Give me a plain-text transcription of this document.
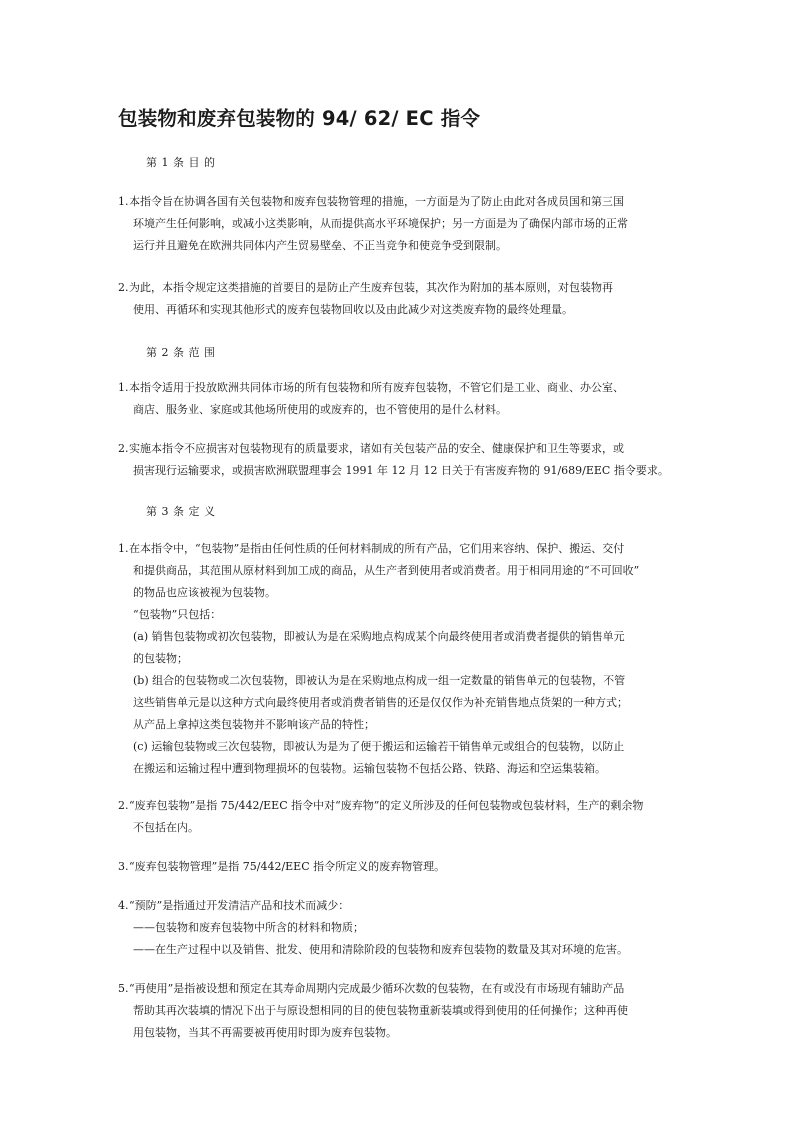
包装物和废弃包装物的 94/ 62/ EC 指令
第 1 条 目 的
1. 本指令旨在协调各国有关包装物和废弃包装物管理的措施，一方面是为了防止由此对各成员国和第三国
环境产生任何影响，或减小这类影响，从而提供高水平环境保护；另一方面是为了确保内部市场的正常
运行并且避免在欧洲共同体内产生贸易壁垒、不正当竞争和使竞争受到限制。
2. 为此，本指令规定这类措施的首要目的是防止产生废弃包装，其次作为附加的基本原则，对包装物再
使用、再循环和实现其他形式的废弃包装物回收以及由此减少对这类废弃物的最终处理量。
第 2 条 范 围
1. 本指令适用于投放欧洲共同体市场的所有包装物和所有废弃包装物，不管它们是工业、商业、办公室、
商店、服务业、家庭或其他场所使用的或废弃的，也不管使用的是什么材料。
2. 实施本指令不应损害对包装物现有的质量要求，诸如有关包装产品的安全、健康保护和卫生等要求，或
损害现行运输要求，或损害欧洲联盟理事会 1991 年 12 月 12 日关于有害废弃物的 91/689/EEC 指令要求。
第 3 条 定 义
1. 在本指令中，“包装物”是指由任何性质的任何材料制成的所有产品，它们用来容纳、保护、搬运、交付
和提供商品，其范围从原材料到加工成的商品，从生产者到使用者或消费者。用于相同用途的“不可回收”
的物品也应该被视为包装物。
“包装物”只包括：
(a) 销售包装物或初次包装物，即被认为是在采购地点构成某个向最终使用者或消费者提供的销售单元
的包装物；
(b) 组合的包装物或二次包装物，即被认为是在采购地点构成一组一定数量的销售单元的包装物，不管
这些销售单元是以这种方式向最终使用者或消费者销售的还是仅仅作为补充销售地点货架的一种方式；
从产品上拿掉这类包装物并不影响该产品的特性；
(c) 运输包装物或三次包装物，即被认为是为了便于搬运和运输若干销售单元或组合的包装物，以防止
在搬运和运输过程中遭到物理损坏的包装物。运输包装物不包括公路、铁路、海运和空运集装箱。
2. “废弃包装物”是指 75/442/EEC 指令中对“废弃物”的定义所涉及的任何包装物或包装材料，生产的剩余物
不包括在内。
3. “废弃包装物管理”是指 75/442/EEC 指令所定义的废弃物管理。
4. “预防”是指通过开发清洁产品和技术而减少：
——包装物和废弃包装物中所含的材料和物质；
——在生产过程中以及销售、批发、使用和清除阶段的包装物和废弃包装物的数量及其对环境的危害。
5. “再使用”是指被设想和预定在其寿命周期内完成最少循环次数的包装物，在有或没有市场现有辅助产品
帮助其再次装填的情况下出于与原设想相同的目的使包装物重新装填或得到使用的任何操作；这种再使
用包装物，当其不再需要被再使用时即为废弃包装物。
